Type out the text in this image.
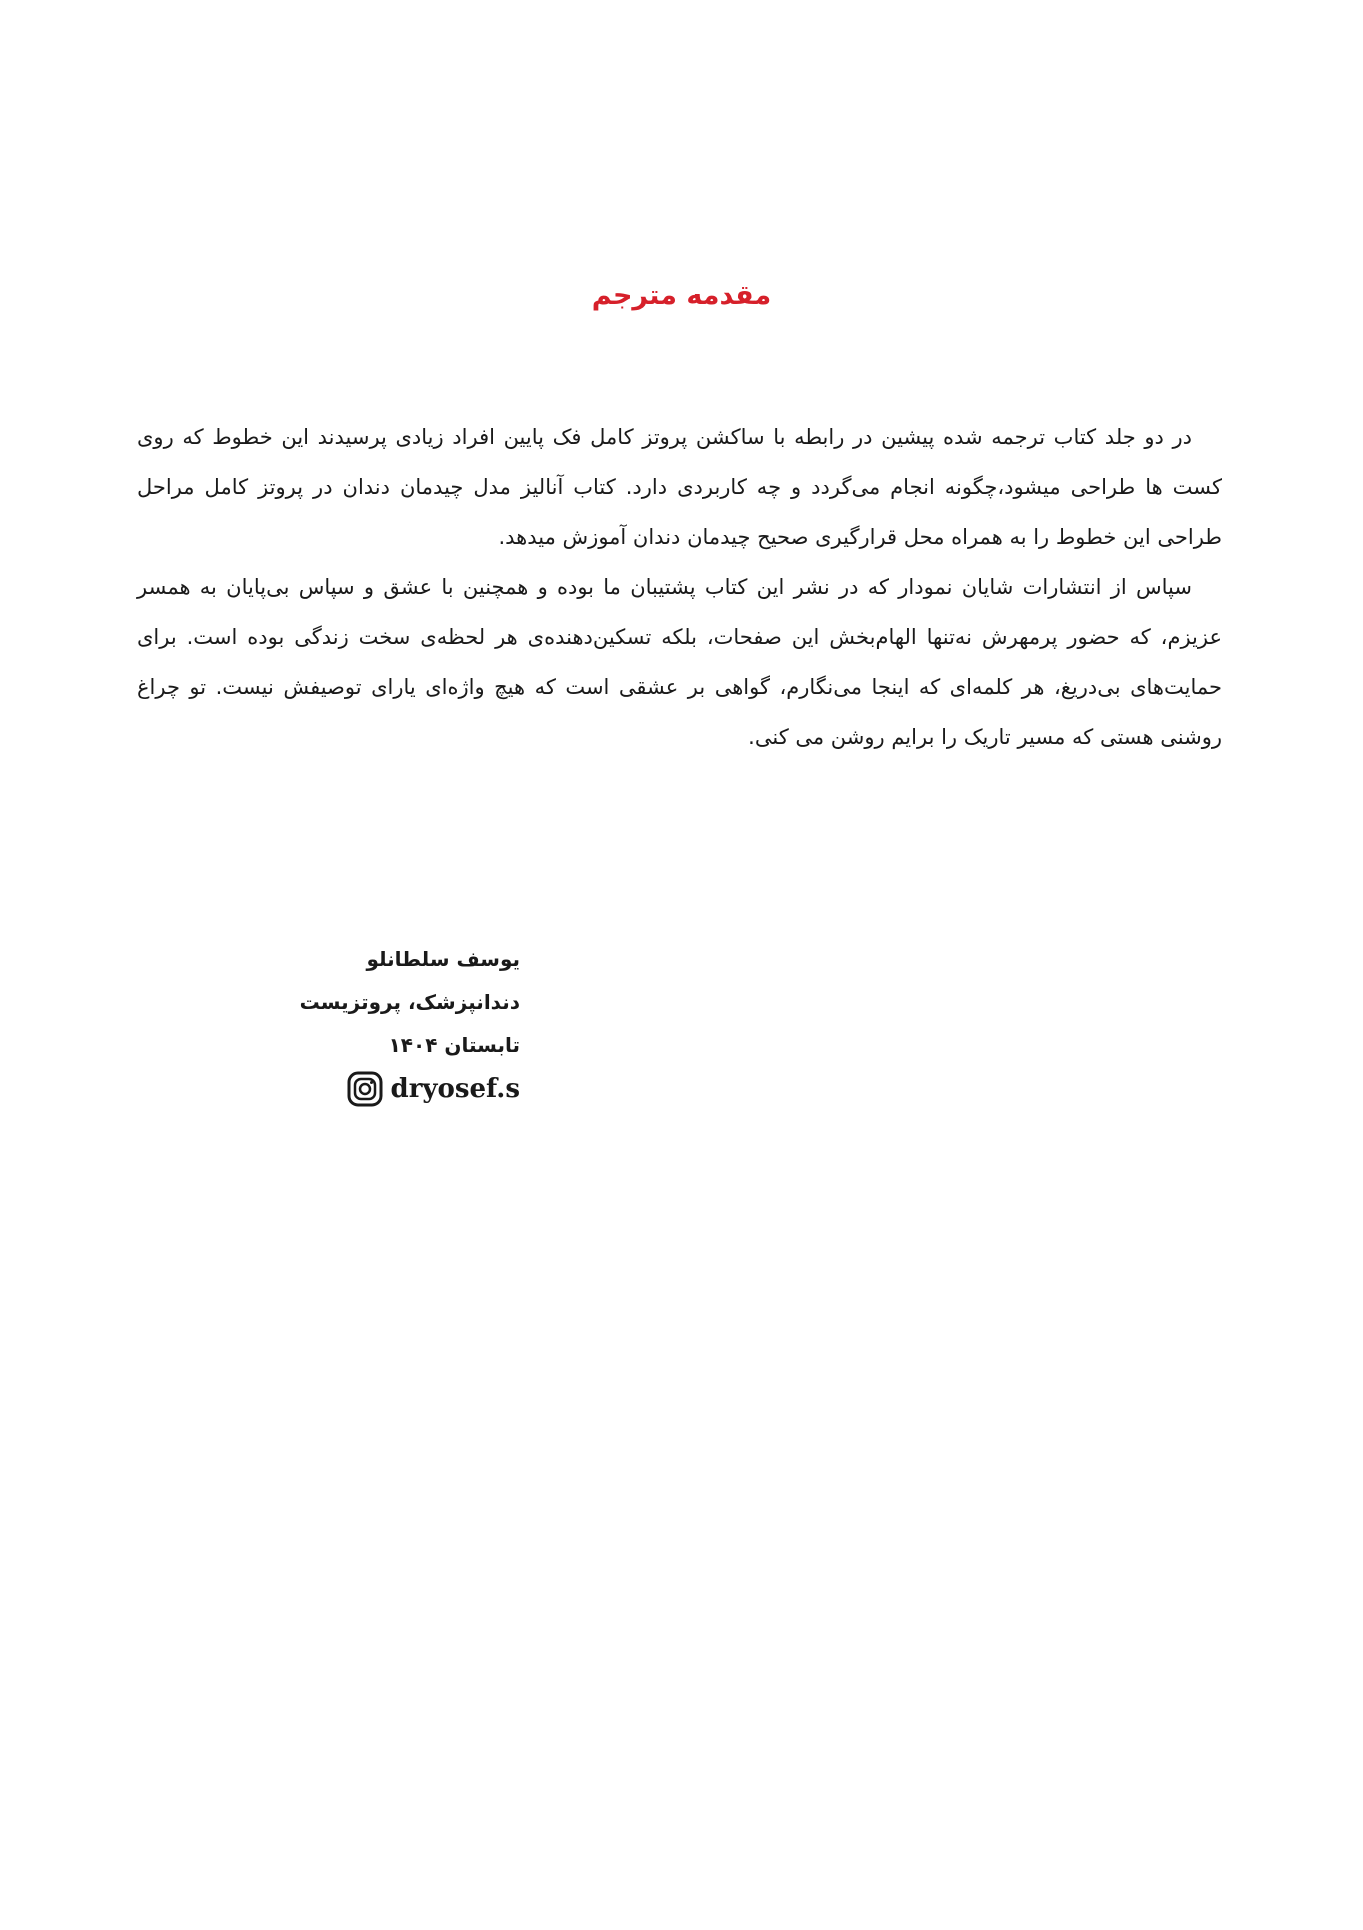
مقدمه مترجم

در دو جلد کتاب ترجمه شده پیشین در رابطه با ساکشن پروتز کامل فک پایین افراد زیادی پرسیدند این خطوط که روی کست ها طراحی میشود،چگونه انجام می‌گردد و چه کاربردی دارد. کتاب آنالیز مدل چیدمان دندان در پروتز کامل مراحل طراحی این خطوط را به همراه محل قرارگیری صحیح چیدمان دندان آموزش میدهد.

سپاس از انتشارات شایان نمودار که در نشر این کتاب پشتیبان ما بوده و همچنین با عشق و سپاس بی‌پایان به همسر عزیزم، که حضور پرمهرش نه‌تنها الهام‌بخش این صفحات، بلکه تسکین‌دهنده‌ی هر لحظه‌ی سخت زندگی بوده است. برای حمایت‌های بی‌دریغ، هر کلمه‌ای که اینجا می‌نگارم، گواهی بر عشقی است که هیچ واژه‌ای یارای توصیفش نیست. تو چراغ روشنی هستی که مسیر تاریک را برایم روشن می کنی.

یوسف سلطانلو
دندانپزشک، پروتزیست
تابستان ۱۴۰۴
dryosef.s
